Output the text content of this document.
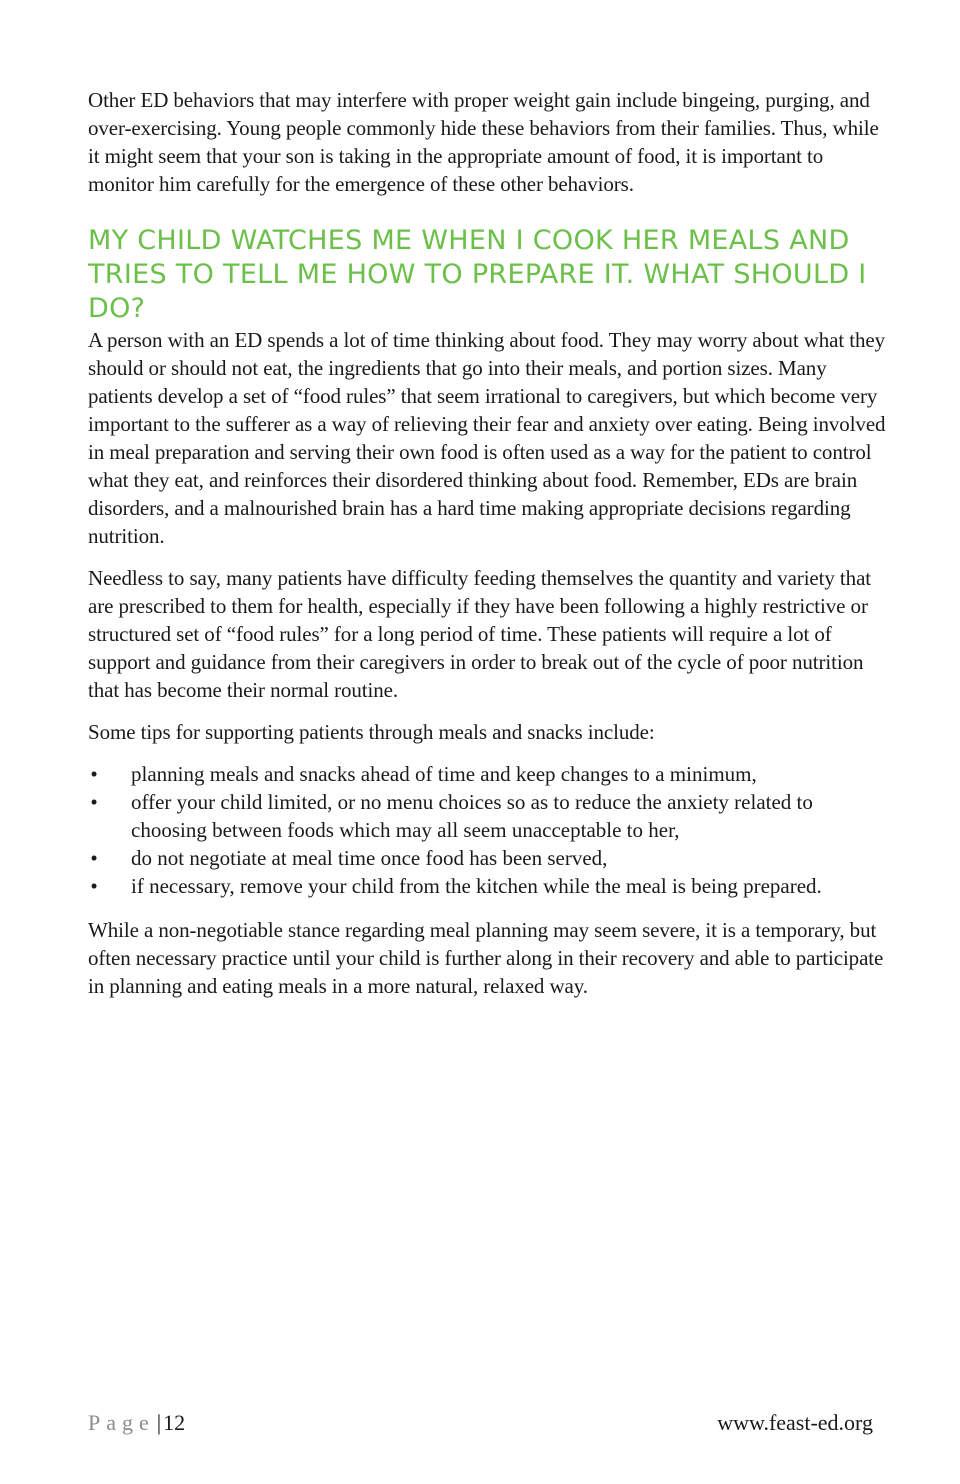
Other ED behaviors that may interfere with proper weight gain include bingeing, purging, and over-exercising. Young people commonly hide these behaviors from their families. Thus, while it might seem that your son is taking in the appropriate amount of food, it is important to monitor him carefully for the emergence of these other behaviors.

MY CHILD WATCHES ME WHEN I COOK HER MEALS AND TRIES TO TELL ME HOW TO PREPARE IT. WHAT SHOULD I DO?

A person with an ED spends a lot of time thinking about food. They may worry about what they should or should not eat, the ingredients that go into their meals, and portion sizes. Many patients develop a set of “food rules” that seem irrational to caregivers, but which become very important to the sufferer as a way of relieving their fear and anxiety over eating. Being involved in meal preparation and serving their own food is often used as a way for the patient to control what they eat, and reinforces their disordered thinking about food. Remember, EDs are brain disorders, and a malnourished brain has a hard time making appropriate decisions regarding nutrition.

Needless to say, many patients have difficulty feeding themselves the quantity and variety that are prescribed to them for health, especially if they have been following a highly restrictive or structured set of “food rules” for a long period of time. These patients will require a lot of support and guidance from their caregivers in order to break out of the cycle of poor nutrition that has become their normal routine.

Some tips for supporting patients through meals and snacks include:

• planning meals and snacks ahead of time and keep changes to a minimum,
• offer your child limited, or no menu choices so as to reduce the anxiety related to choosing between foods which may all seem unacceptable to her,
• do not negotiate at meal time once food has been served,
• if necessary, remove your child from the kitchen while the meal is being prepared.

While a non-negotiable stance regarding meal planning may seem severe, it is a temporary, but often necessary practice until your child is further along in their recovery and able to participate in planning and eating meals in a more natural, relaxed way.

Page|12	www.feast-ed.org
